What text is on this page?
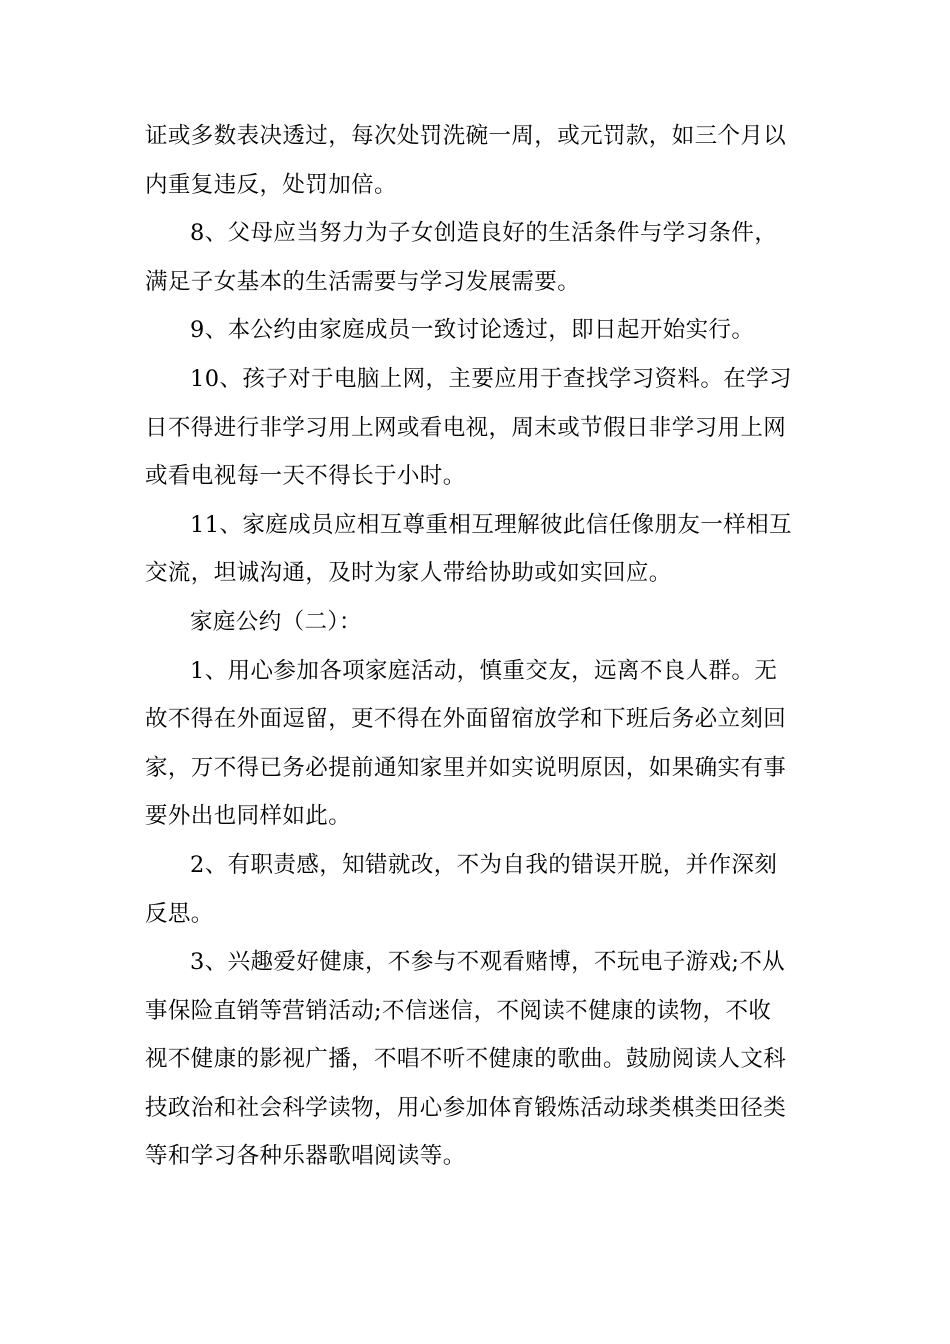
证或多数表决透过，每次处罚洗碗一周，或元罚款，如三个月以
内重复违反，处罚加倍。

8、父母应当努力为子女创造良好的生活条件与学习条件，
满足子女基本的生活需要与学习发展需要。

9、本公约由家庭成员一致讨论透过，即日起开始实行。

10、孩子对于电脑上网，主要应用于查找学习资料。在学习
日不得进行非学习用上网或看电视，周末或节假日非学习用上网
或看电视每一天不得长于小时。

11、家庭成员应相互尊重相互理解彼此信任像朋友一样相互
交流，坦诚沟通，及时为家人带给协助或如实回应。

家庭公约（二）：

1、用心参加各项家庭活动，慎重交友，远离不良人群。无
故不得在外面逗留，更不得在外面留宿放学和下班后务必立刻回
家，万不得已务必提前通知家里并如实说明原因，如果确实有事
要外出也同样如此。

2、有职责感，知错就改，不为自我的错误开脱，并作深刻
反思。

3、兴趣爱好健康，不参与不观看赌博，不玩电子游戏;不从
事保险直销等营销活动;不信迷信，不阅读不健康的读物，不收
视不健康的影视广播，不唱不听不健康的歌曲。鼓励阅读人文科
技政治和社会科学读物，用心参加体育锻炼活动球类棋类田径类
等和学习各种乐器歌唱阅读等。
